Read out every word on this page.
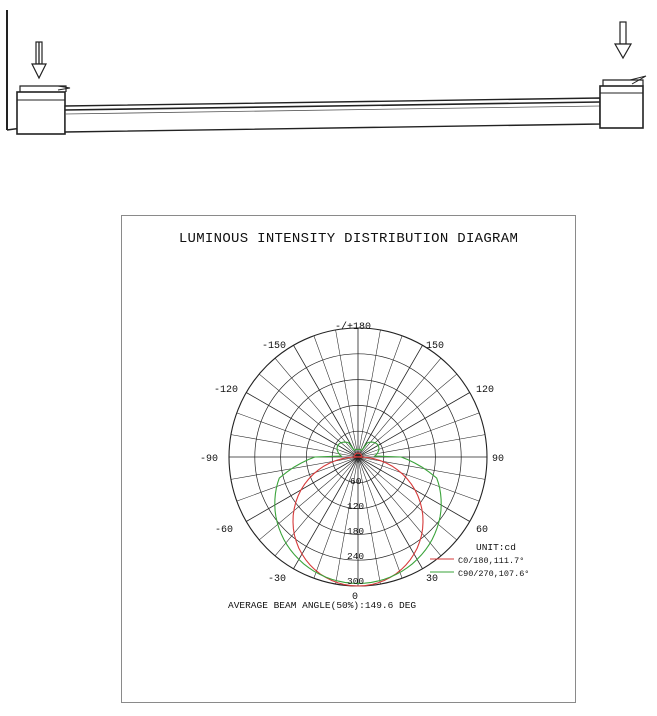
LUMINOUS INTENSITY DISTRIBUTION DIAGRAM
-/+180
-150	150
-120	120
-90	90
-60	60
-30	30
0
60
120
180
240
300
UNIT:cd
C0/180,111.7°
C90/270,107.6°
AVERAGE BEAM ANGLE(50%):149.6 DEG
